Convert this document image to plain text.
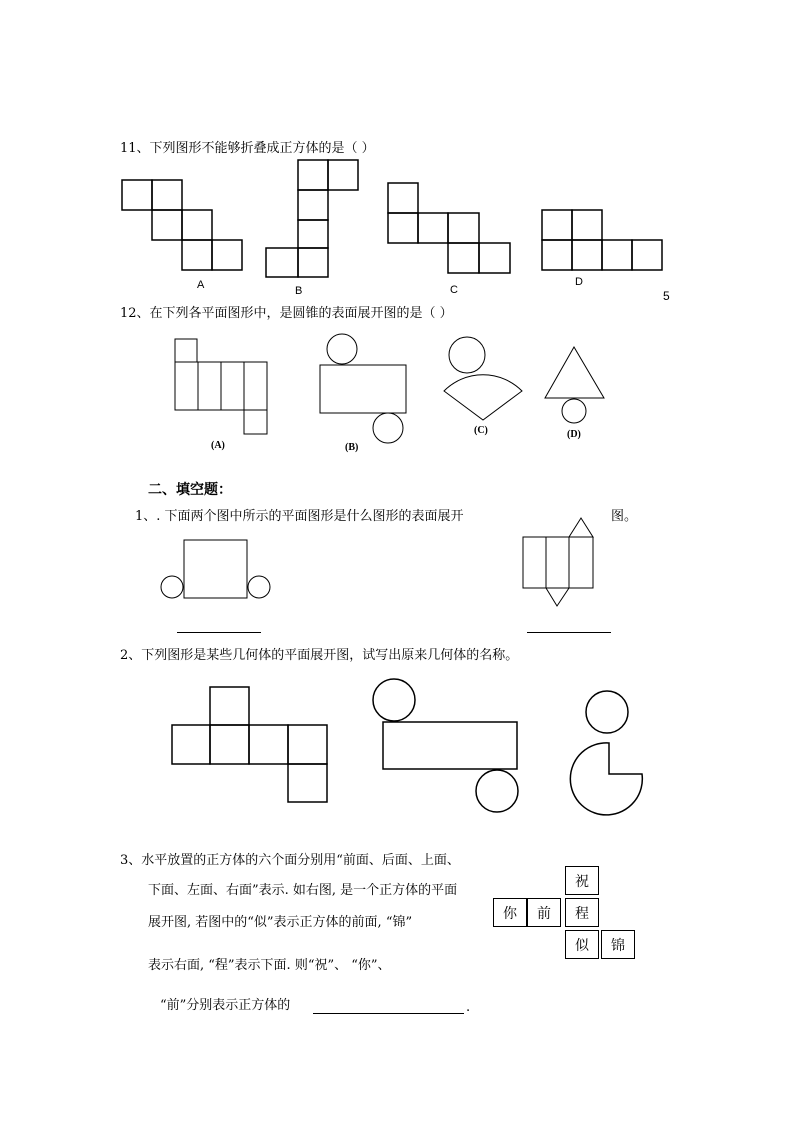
5
11、下列图形不能够折叠成正方体的是（ ）
A	B	C
D
12、在下列各平面图形中，是圆锥的表面展开图的是（ ）
(A)	(B)
(C)	(D)
二、填空题：
1、. 下面两个图中所示的平面图形是什么图形的表面展开	图。
2、下列图形是某些几何体的平面展开图，试写出原来几何体的名称。
3、水平放置的正方体的六个面分别用“前面、后面、上面、
下面、左面、右面”表示. 如右图, 是一个正方体的平面
展开图, 若图中的“似”表示正方体的前面, “锦”
表示右面, “程”表示下面. 则“祝”、 “你”、
“前”分别表示正方体的	.
祝
你	前	程
似	锦
